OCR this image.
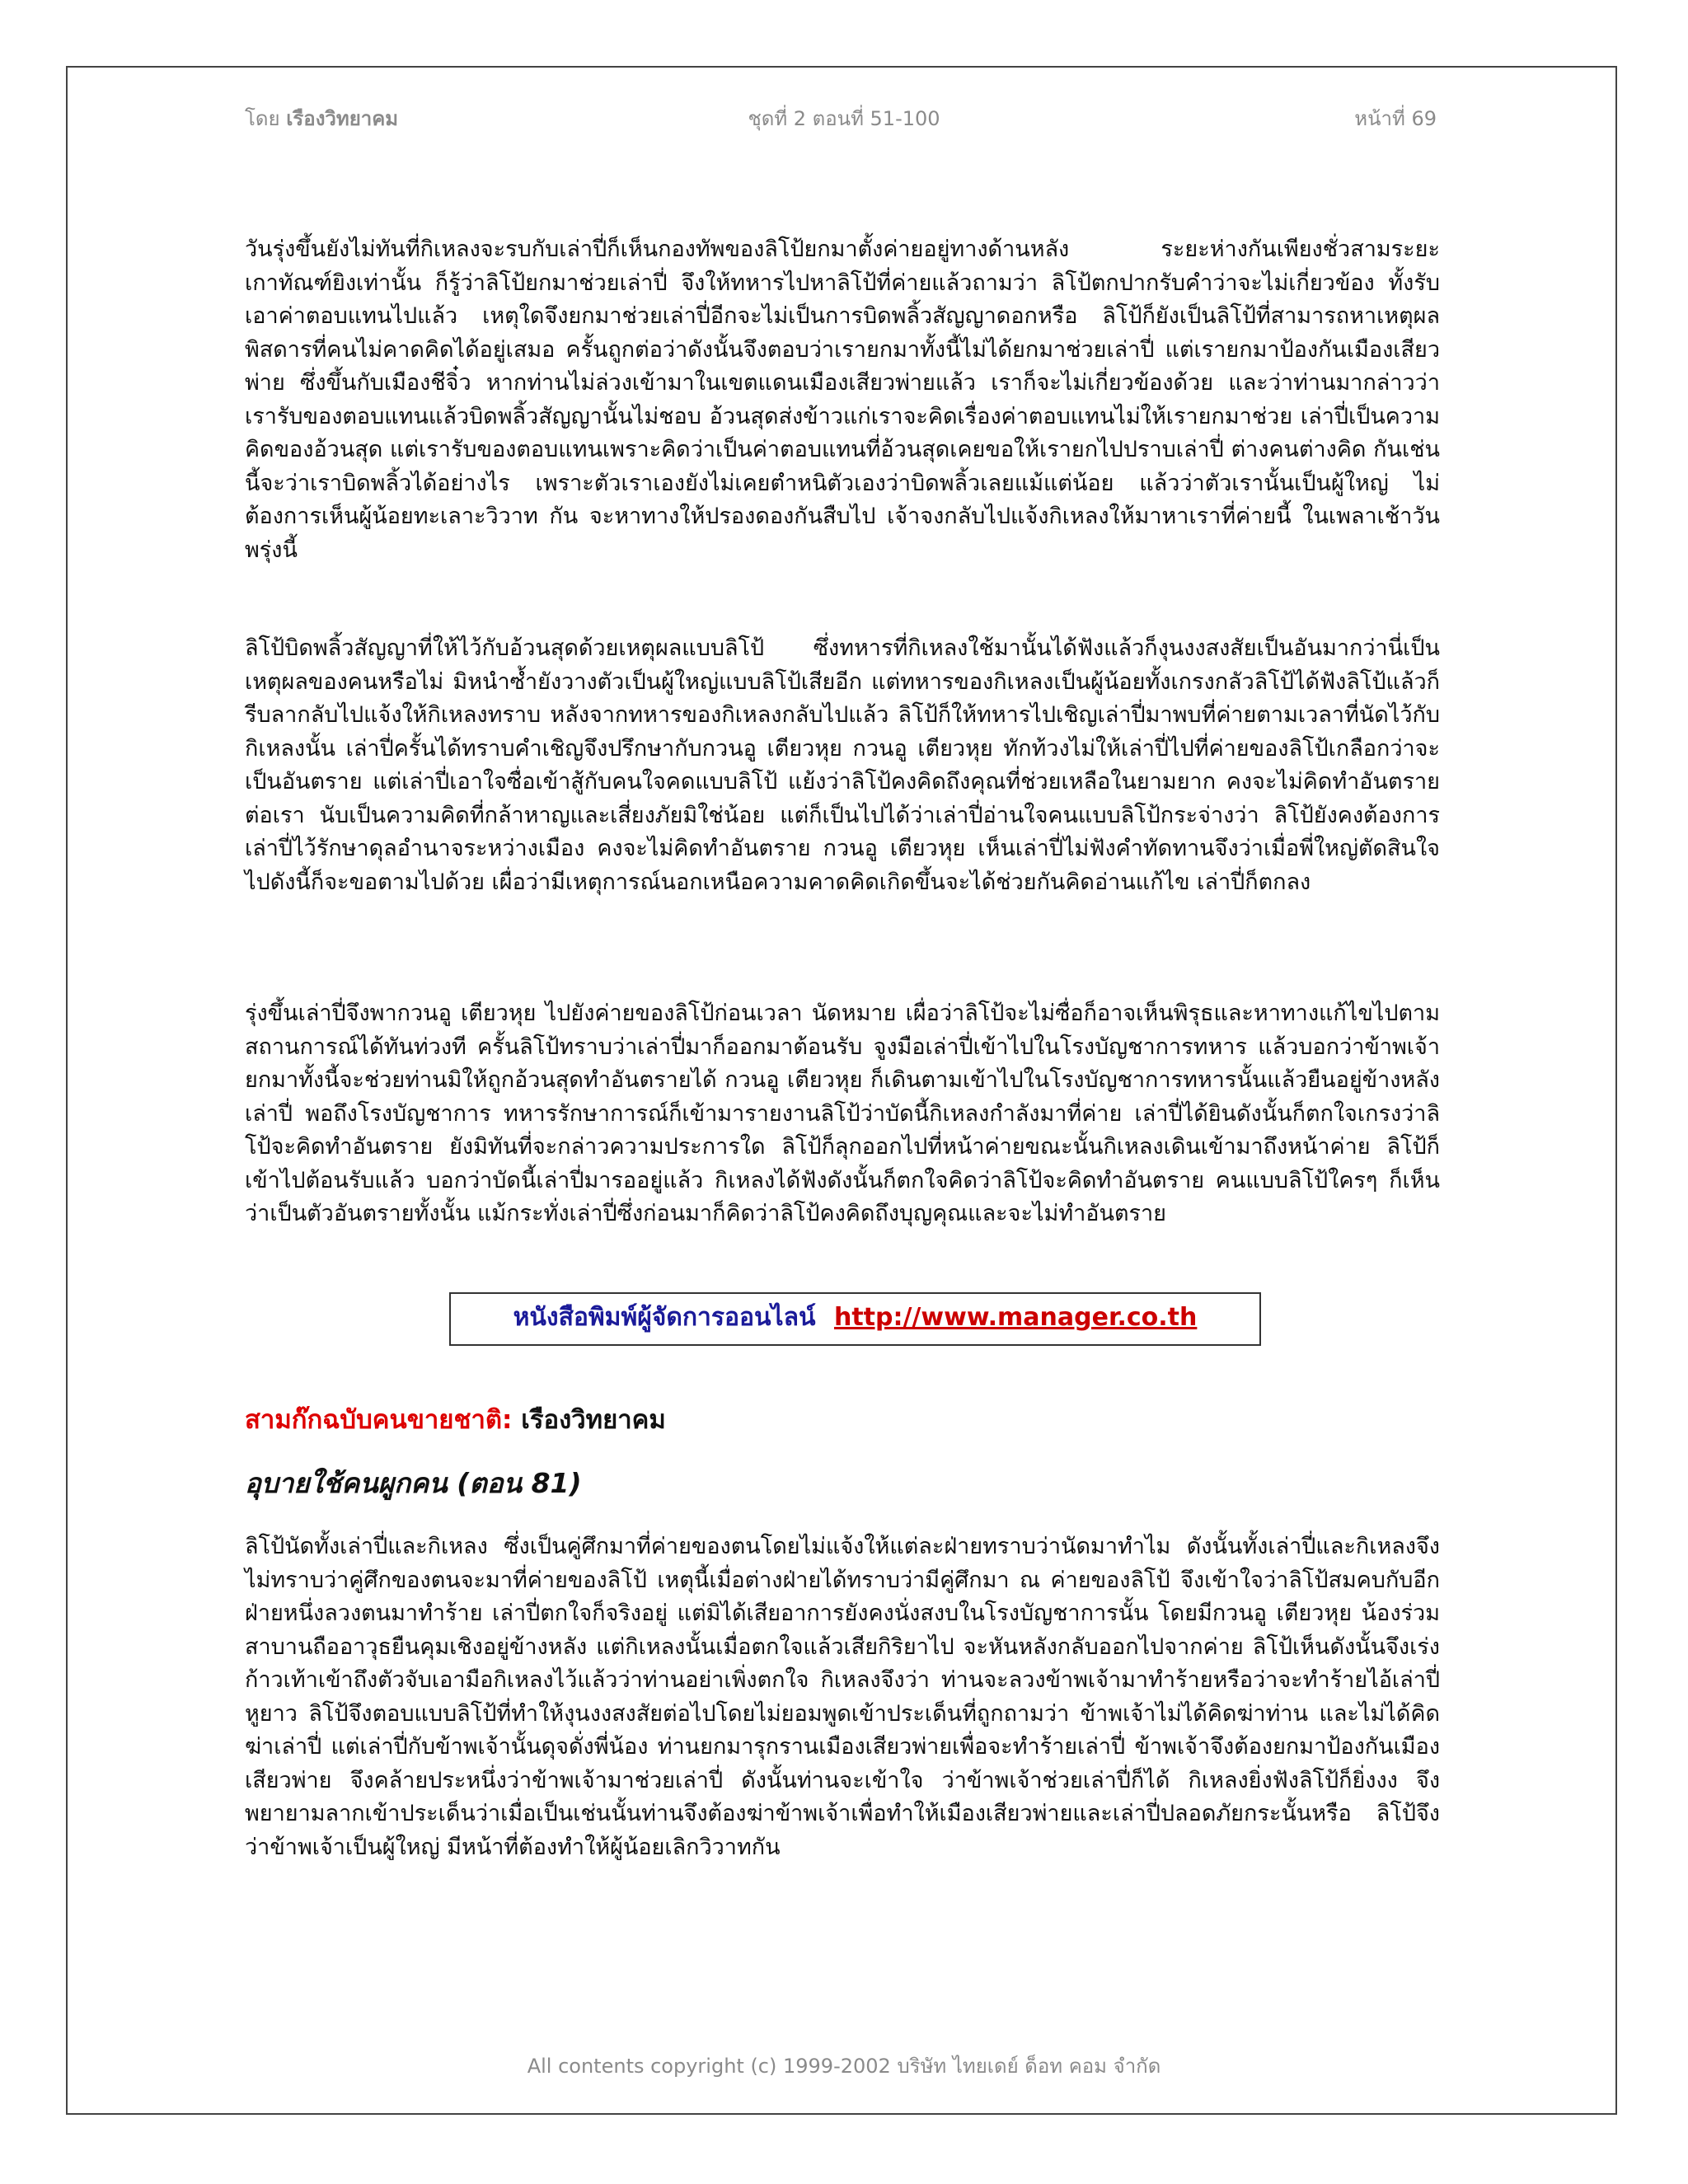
โดย เรืองวิทยาคม	ชุดที่ 2 ตอนที่ 51-100	หน้าที่ 69
วันรุ่งขึ้นยังไม่ทันที่กิเหลงจะรบกับเล่าปี่ก็เห็นกองทัพของลิโป้ยกมาตั้งค่ายอยู่ทางด้านหลัง ระยะห่างกันเพียงชั่วสามระยะเกาทัณฑ์ยิงเท่านั้น ก็รู้ว่าลิโป้ยกมาช่วยเล่าปี่ จึงให้ทหารไปหาลิโป้ที่ค่ายแล้วถามว่า ลิโป้ตกปากรับคำว่าจะไม่เกี่ยวข้อง ทั้งรับเอาค่าตอบแทนไปแล้ว เหตุใดจึงยกมาช่วยเล่าปี่อีกจะไม่เป็นการบิดพลิ้วสัญญาดอกหรือ ลิโป้ก็ยังเป็นลิโป้ที่สามารถหาเหตุผลพิสดารที่คนไม่คาดคิดได้อยู่เสมอ ครั้นถูกต่อว่าดังนั้นจึงตอบว่าเรายกมาทั้งนี้ไม่ได้ยกมาช่วยเล่าปี่ แต่เรายกมาป้องกันเมืองเสียวพ่าย ซึ่งขึ้นกับเมืองชีจิ๋ว หากท่านไม่ล่วงเข้ามาในเขตแดนเมืองเสียวพ่ายแล้ว เราก็จะไม่เกี่ยวข้องด้วย และว่าท่านมากล่าวว่าเรารับของตอบแทนแล้วบิดพลิ้วสัญญานั้นไม่ชอบ อ้วนสุดส่งข้าวแก่เราจะคิดเรื่องค่าตอบแทนไม่ให้เรายกมาช่วย เล่าปี่เป็นความคิดของอ้วนสุด แต่เรารับของตอบแทนเพราะคิดว่าเป็นค่าตอบแทนที่อ้วนสุดเคยขอให้เรายกไปปราบเล่าปี่ ต่างคนต่างคิด กันเช่นนี้จะว่าเราบิดพลิ้วได้อย่างไร เพราะตัวเราเองยังไม่เคยตำหนิตัวเองว่าบิดพลิ้วเลยแม้แต่น้อย แล้วว่าตัวเรานั้นเป็นผู้ใหญ่ ไม่ต้องการเห็นผู้น้อยทะเลาะวิวาท กัน จะหาทางให้ปรองดองกันสืบไป เจ้าจงกลับไปแจ้งกิเหลงให้มาหาเราที่ค่ายนี้ ในเพลาเช้าวันพรุ่งนี้
ลิโป้บิดพลิ้วสัญญาที่ให้ไว้กับอ้วนสุดด้วยเหตุผลแบบลิโป้ ซึ่งทหารที่กิเหลงใช้มานั้นได้ฟังแล้วก็งุนงงสงสัยเป็นอันมากว่านี่เป็นเหตุผลของคนหรือไม่ มิหนำซ้ำยังวางตัวเป็นผู้ใหญ่แบบลิโป้เสียอีก แต่ทหารของกิเหลงเป็นผู้น้อยทั้งเกรงกลัวลิโป้ได้ฟังลิโป้แล้วก็รีบลากลับไปแจ้งให้กิเหลงทราบ หลังจากทหารของกิเหลงกลับไปแล้ว ลิโป้ก็ให้ทหารไปเชิญเล่าปี่มาพบที่ค่ายตามเวลาที่นัดไว้กับกิเหลงนั้น เล่าปี่ครั้นได้ทราบคำเชิญจึงปรึกษากับกวนอู เตียวหุย กวนอู เตียวหุย ทักท้วงไม่ให้เล่าปี่ไปที่ค่ายของลิโป้เกลือกว่าจะเป็นอันตราย แต่เล่าปี่เอาใจซื่อเข้าสู้กับคนใจคดแบบลิโป้ แย้งว่าลิโป้คงคิดถึงคุณที่ช่วยเหลือในยามยาก คงจะไม่คิดทำอันตรายต่อเรา นับเป็นความคิดที่กล้าหาญและเสี่ยงภัยมิใช่น้อย แต่ก็เป็นไปได้ว่าเล่าปี่อ่านใจคนแบบลิโป้กระจ่างว่า ลิโป้ยังคงต้องการเล่าปี่ไว้รักษาดุลอำนาจระหว่างเมือง คงจะไม่คิดทำอันตราย กวนอู เตียวหุย เห็นเล่าปี่ไม่ฟังคำทัดทานจึงว่าเมื่อพี่ใหญ่ตัดสินใจไปดังนี้ก็จะขอตามไปด้วย เผื่อว่ามีเหตุการณ์นอกเหนือความคาดคิดเกิดขึ้นจะได้ช่วยกันคิดอ่านแก้ไข เล่าปี่ก็ตกลง
รุ่งขึ้นเล่าปี่จึงพากวนอู เตียวหุย ไปยังค่ายของลิโป้ก่อนเวลา นัดหมาย เผื่อว่าลิโป้จะไม่ซื่อก็อาจเห็นพิรุธและหาทางแก้ไขไปตามสถานการณ์ได้ทันท่วงที ครั้นลิโป้ทราบว่าเล่าปี่มาก็ออกมาต้อนรับ จูงมือเล่าปี่เข้าไปในโรงบัญชาการทหาร แล้วบอกว่าข้าพเจ้ายกมาทั้งนี้จะช่วยท่านมิให้ถูกอ้วนสุดทำอันตรายได้ กวนอู เตียวหุย ก็เดินตามเข้าไปในโรงบัญชาการทหารนั้นแล้วยืนอยู่ข้างหลังเล่าปี่ พอถึงโรงบัญชาการ ทหารรักษาการณ์ก็เข้ามารายงานลิโป้ว่าบัดนี้กิเหลงกำลังมาที่ค่าย เล่าปี่ได้ยินดังนั้นก็ตกใจเกรงว่าลิโป้จะคิดทำอันตราย ยังมิทันที่จะกล่าวความประการใด ลิโป้ก็ลุกออกไปที่หน้าค่ายขณะนั้นกิเหลงเดินเข้ามาถึงหน้าค่าย ลิโป้ก็เข้าไปต้อนรับแล้ว บอกว่าบัดนี้เล่าปี่มารออยู่แล้ว กิเหลงได้ฟังดังนั้นก็ตกใจคิดว่าลิโป้จะคิดทำอันตราย คนแบบลิโป้ใครๆ ก็เห็นว่าเป็นตัวอันตรายทั้งนั้น แม้กระทั่งเล่าปี่ซึ่งก่อนมาก็คิดว่าลิโป้คงคิดถึงบุญคุณและจะไม่ทำอันตราย
หนังสือพิมพ์ผู้จัดการออนไลน์ http://www.manager.co.th
สามก๊กฉบับคนขายชาติ: เรืองวิทยาคม
อุบายใช้คนผูกคน (ตอน 81)
ลิโป้นัดทั้งเล่าปี่และกิเหลง ซึ่งเป็นคู่ศึกมาที่ค่ายของตนโดยไม่แจ้งให้แต่ละฝ่ายทราบว่านัดมาทำไม ดังนั้นทั้งเล่าปี่และกิเหลงจึงไม่ทราบว่าคู่ศึกของตนจะมาที่ค่ายของลิโป้ เหตุนี้เมื่อต่างฝ่ายได้ทราบว่ามีคู่ศึกมา ณ ค่ายของลิโป้ จึงเข้าใจว่าลิโป้สมคบกับอีกฝ่ายหนึ่งลวงตนมาทำร้าย เล่าปี่ตกใจก็จริงอยู่ แต่มิได้เสียอาการยังคงนั่งสงบในโรงบัญชาการนั้น โดยมีกวนอู เตียวหุย น้องร่วมสาบานถืออาวุธยืนคุมเชิงอยู่ข้างหลัง แต่กิเหลงนั้นเมื่อตกใจแล้วเสียกิริยาไป จะหันหลังกลับออกไปจากค่าย ลิโป้เห็นดังนั้นจึงเร่งก้าวเท้าเข้าถึงตัวจับเอามือกิเหลงไว้แล้วว่าท่านอย่าเพิ่งตกใจ กิเหลงจึงว่า ท่านจะลวงข้าพเจ้ามาทำร้ายหรือว่าจะทำร้ายไอ้เล่าปี่หูยาว ลิโป้จึงตอบแบบลิโป้ที่ทำให้งุนงงสงสัยต่อไปโดยไม่ยอมพูดเข้าประเด็นที่ถูกถามว่า ข้าพเจ้าไม่ได้คิดฆ่าท่าน และไม่ได้คิดฆ่าเล่าปี่ แต่เล่าปี่กับข้าพเจ้านั้นดุจดั่งพี่น้อง ท่านยกมารุกรานเมืองเสียวพ่ายเพื่อจะทำร้ายเล่าปี่ ข้าพเจ้าจึงต้องยกมาป้องกันเมืองเสียวพ่าย จึงคล้ายประหนึ่งว่าข้าพเจ้ามาช่วยเล่าปี่ ดังนั้นท่านจะเข้าใจ ว่าข้าพเจ้าช่วยเล่าปี่ก็ได้ กิเหลงยิ่งฟังลิโป้ก็ยิ่งงง จึงพยายามลากเข้าประเด็นว่าเมื่อเป็นเช่นนั้นท่านจึงต้องฆ่าข้าพเจ้าเพื่อทำให้เมืองเสียวพ่ายและเล่าปี่ปลอดภัยกระนั้นหรือ ลิโป้จึงว่าข้าพเจ้าเป็นผู้ใหญ่ มีหน้าที่ต้องทำให้ผู้น้อยเลิกวิวาทกัน
All contents copyright (c) 1999-2002 บริษัท ไทยเดย์ ด็อท คอม จำกัด
